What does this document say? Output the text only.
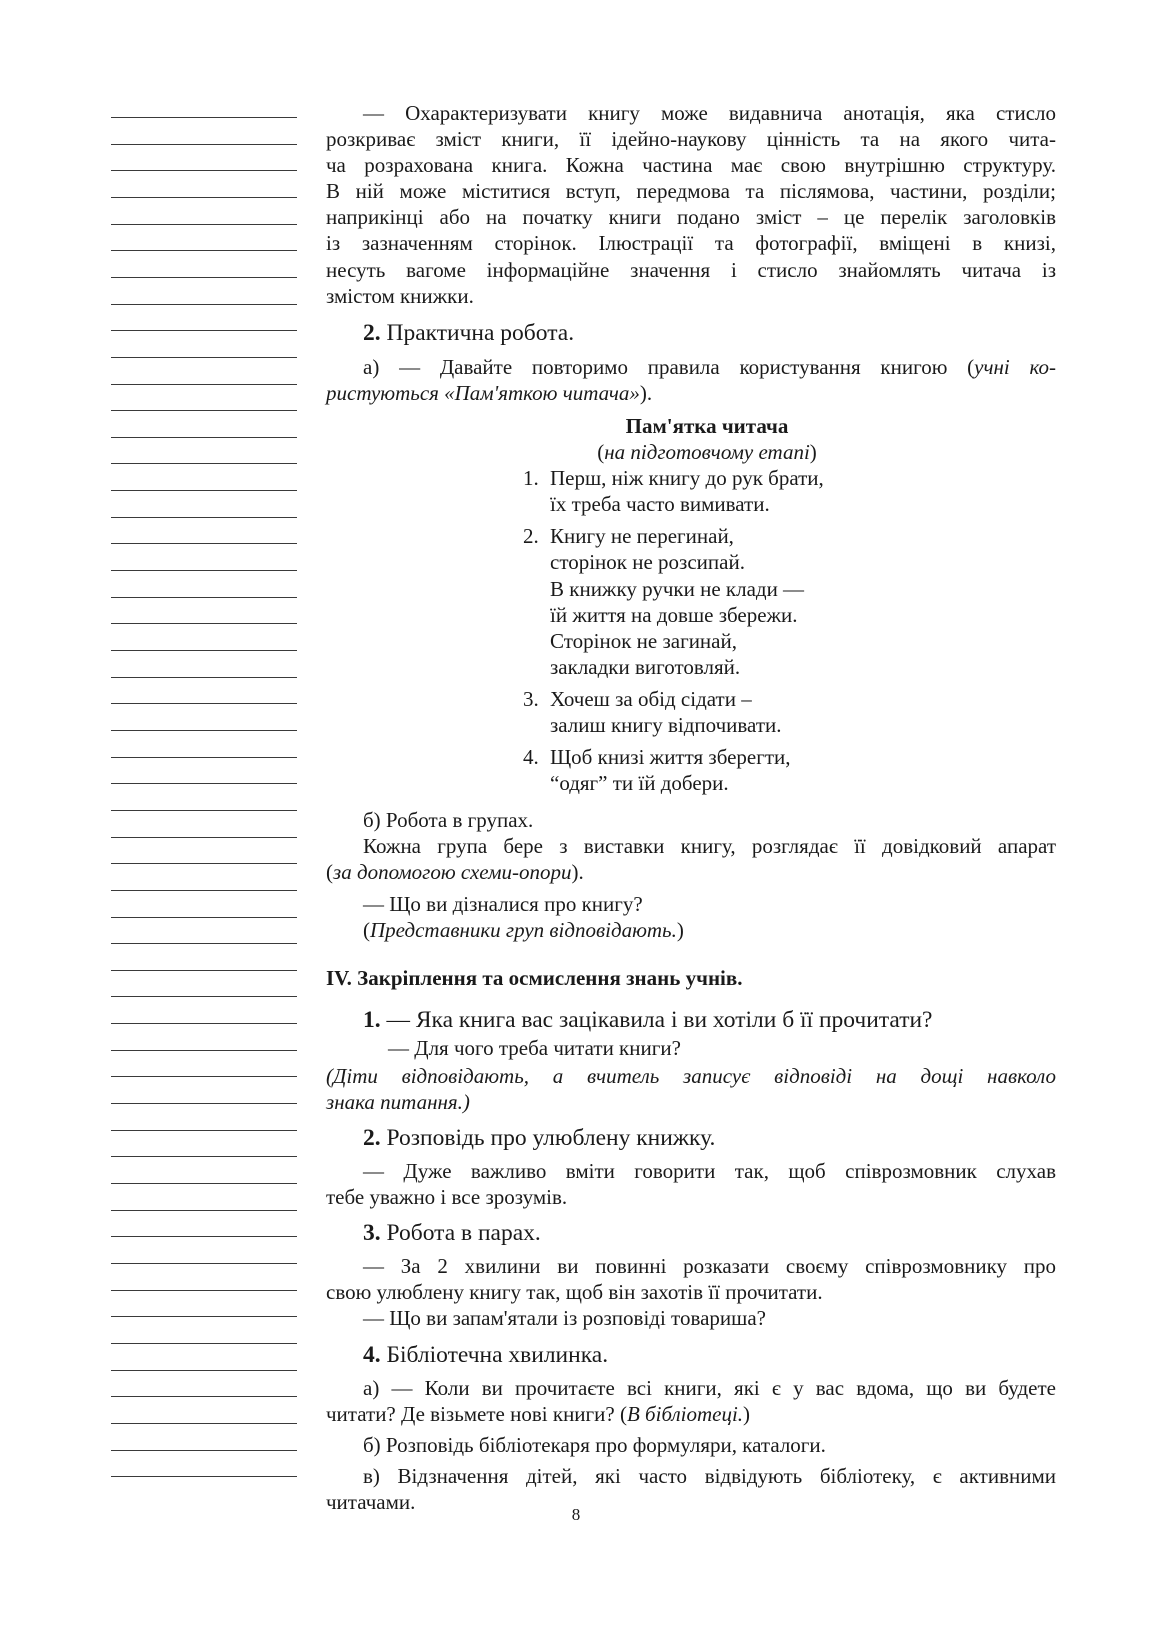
— Охарактеризувати книгу може видавнича анотація, яка стисло
розкриває зміст книги, її ідейно-наукову цінність та на якого чита-
ча розрахована книга. Кожна частина має свою внутрішню структуру.
В ній може міститися вступ, передмова та післямова, частини, розділи;
наприкінці або на початку книги подано зміст – це перелік заголовків
із зазначенням сторінок. Ілюстрації та фотографії, вміщені в книзі,
несуть вагоме інформаційне значення і стисло знайомлять читача із
змістом книжки.
2. Практична робота.
а) — Давайте повторимо правила користування книгою (учні ко-
ристуються «Пам'яткою читача»).
Пам'ятка читача
(на підготовчому етапі)
1. Перш, ніж книгу до рук брати,
їх треба часто вимивати.
2. Книгу не перегинай,
сторінок не розсипай.
В книжку ручки не клади —
їй життя на довше збережи.
Сторінок не загинай,
закладки виготовляй.
3. Хочеш за обід сідати –
залиш книгу відпочивати.
4. Щоб книзі життя зберегти,
“одяг” ти їй добери.
б) Робота в групах.
Кожна група бере з виставки книгу, розглядає її довідковий апарат
(за допомогою схеми-опори).
— Що ви дізналися про книгу?
(Представники груп відповідають.)
IV. Закріплення та осмислення знань учнів.
1. — Яка книга вас зацікавила і ви хотіли б її прочитати?
— Для чого треба читати книги?
(Діти відповідають, а вчитель записує відповіді на дощі навколо
знака питання.)
2. Розповідь про улюблену книжку.
— Дуже важливо вміти говорити так, щоб співрозмовник слухав
тебе уважно і все зрозумів.
3. Робота в парах.
— За 2 хвилини ви повинні розказати своєму співрозмовнику про
свою улюблену книгу так, щоб він захотів її прочитати.
— Що ви запам'ятали із розповіді товариша?
4. Бібліотечна хвилинка.
а) — Коли ви прочитаєте всі книги, які є у вас вдома, що ви будете
читати? Де візьмете нові книги? (В бібліотеці.)
б) Розповідь бібліотекаря про формуляри, каталоги.
в) Відзначення дітей, які часто відвідують бібліотеку, є активними
читачами.
8
